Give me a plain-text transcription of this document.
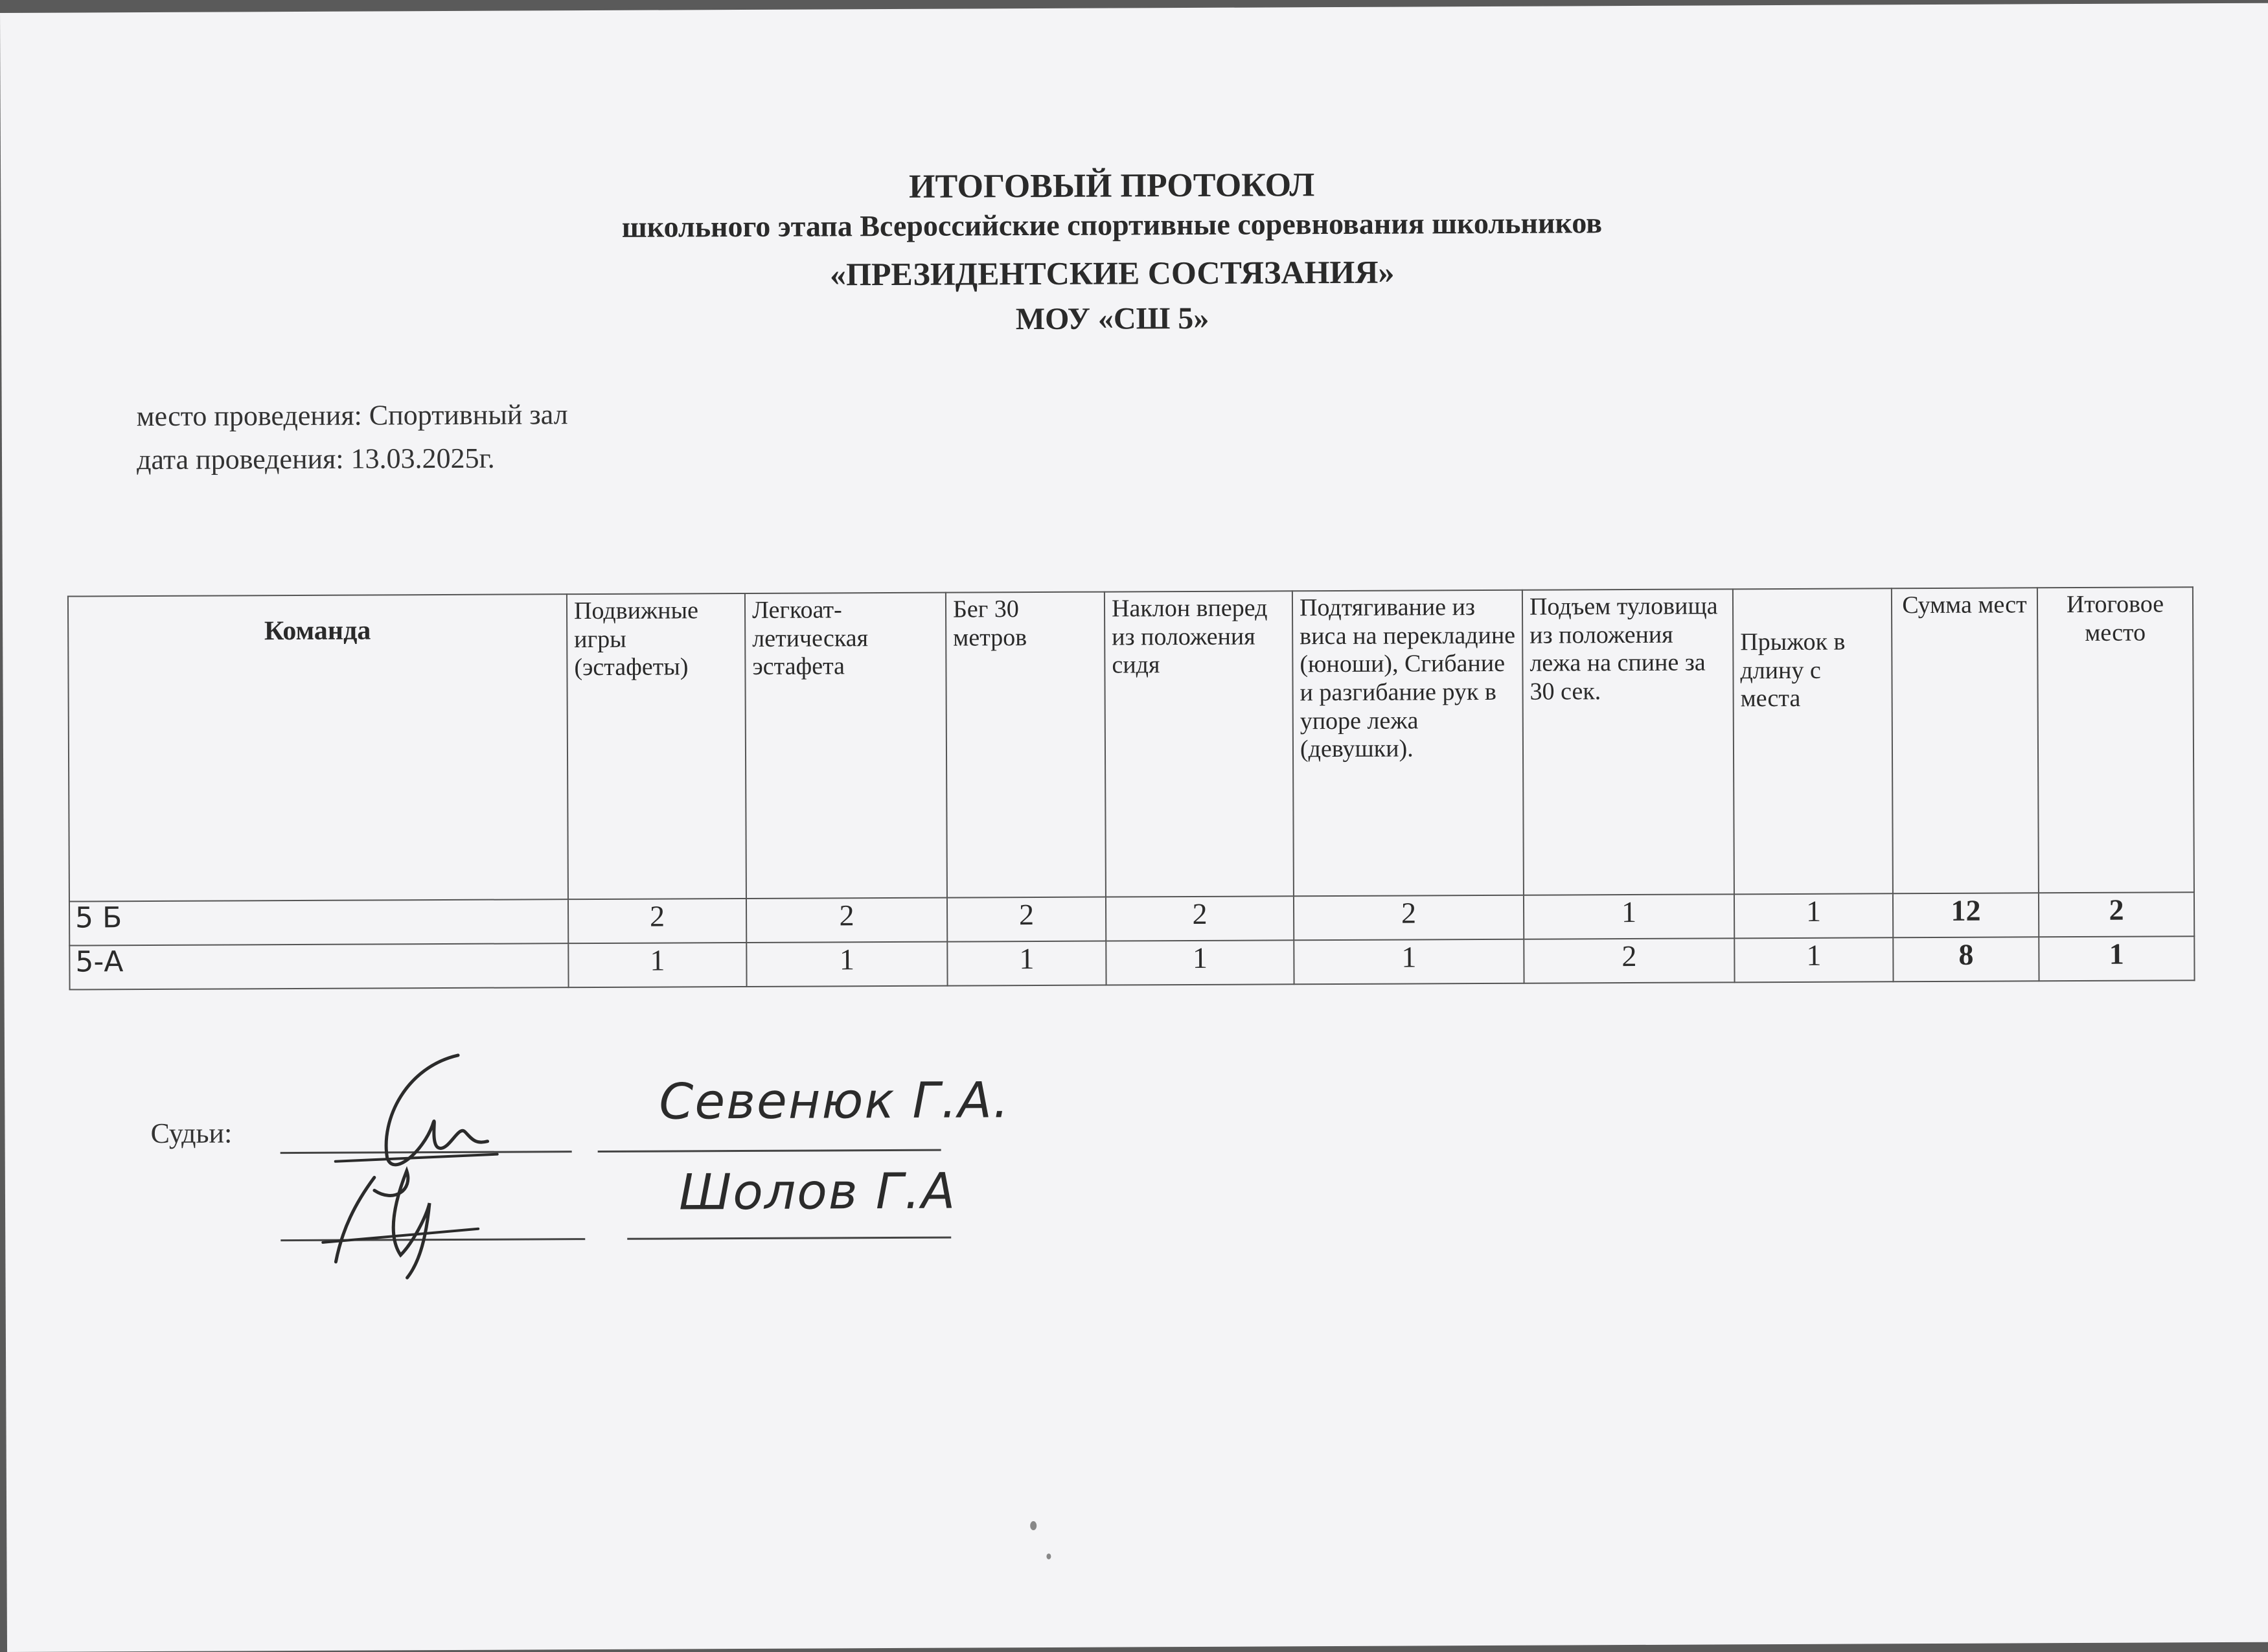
ИТОГОВЫЙ ПРОТОКОЛ
школьного этапа Всероссийские спортивные соревнования школьников
«ПРЕЗИДЕНТСКИЕ СОСТЯЗАНИЯ»
МОУ «СШ 5»
место проведения: Спортивный зал
дата проведения: 13.03.2025г.
Команда	Подвижные игры (эстафеты)	Легкоат-летическая эстафета	Бег 30 метров	Наклон вперед из положения сидя	Подтягивание из виса на перекладине (юноши), Сгибание и разгибание рук в упоре лежа (девушки).	Подъем туловища из положения лежа на спине за 30 сек.	Прыжок в длину с места	Сумма мест	Итоговое место
5 Б	2	2	2	2	2	1	1	12	2
5-А	1	1	1	1	1	2	1	8	1
Судьи:
Севенюк Г.А.
Шолов Г.А
